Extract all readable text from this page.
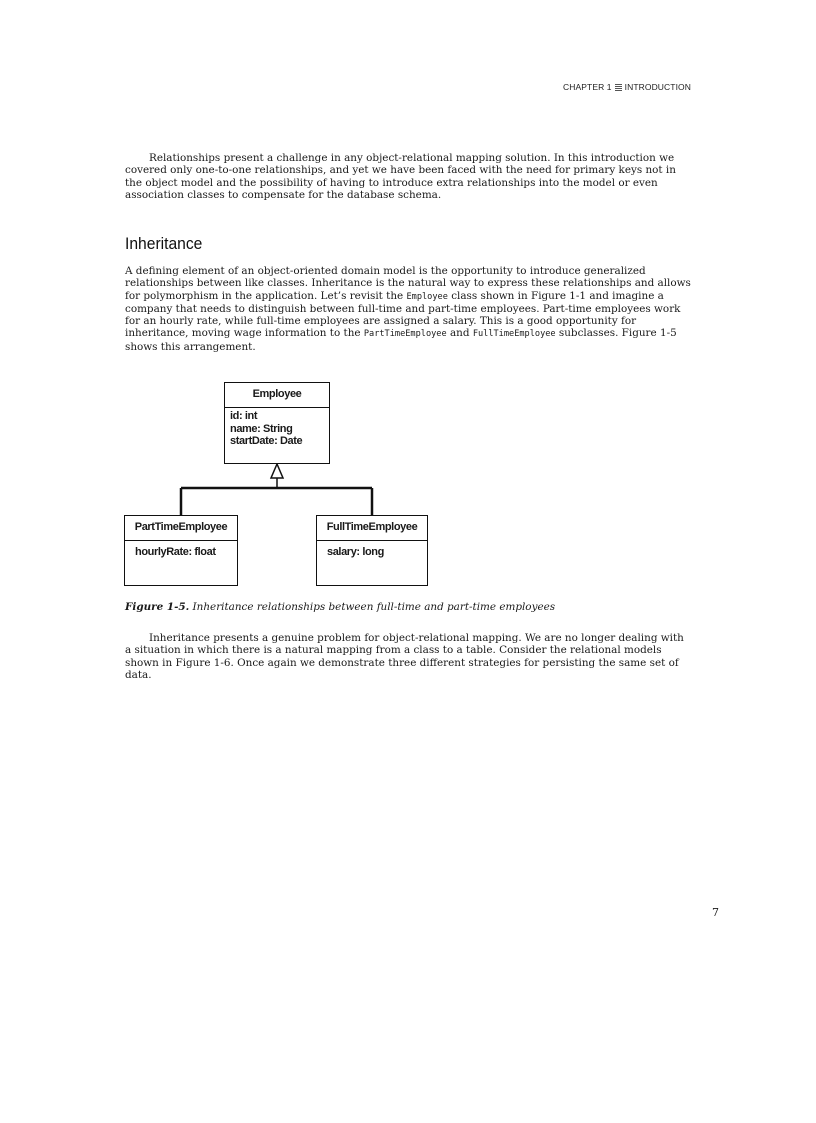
CHAPTER 1 INTRODUCTION

Relationships present a challenge in any object-relational mapping solution. In this introduction we covered only one-to-one relationships, and yet we have been faced with the need for primary keys not in the object model and the possibility of having to introduce extra relationships into the model or even association classes to compensate for the database schema.

Inheritance

A defining element of an object-oriented domain model is the opportunity to introduce generalized relationships between like classes. Inheritance is the natural way to express these relationships and allows for polymorphism in the application. Let’s revisit the Employee class shown in Figure 1-1 and imagine a company that needs to distinguish between full-time and part-time employees. Part-time employees work for an hourly rate, while full-time employees are assigned a salary. This is a good opportunity for inheritance, moving wage information to the PartTimeEmployee and FullTimeEmployee subclasses. Figure 1-5 shows this arrangement.

Employee
id: int
name: String
startDate: Date
PartTimeEmployee
hourlyRate: float
FullTimeEmployee
salary: long

Figure 1-5. Inheritance relationships between full-time and part-time employees

Inheritance presents a genuine problem for object-relational mapping. We are no longer dealing with a situation in which there is a natural mapping from a class to a table. Consider the relational models shown in Figure 1-6. Once again we demonstrate three different strategies for persisting the same set of data.

7
